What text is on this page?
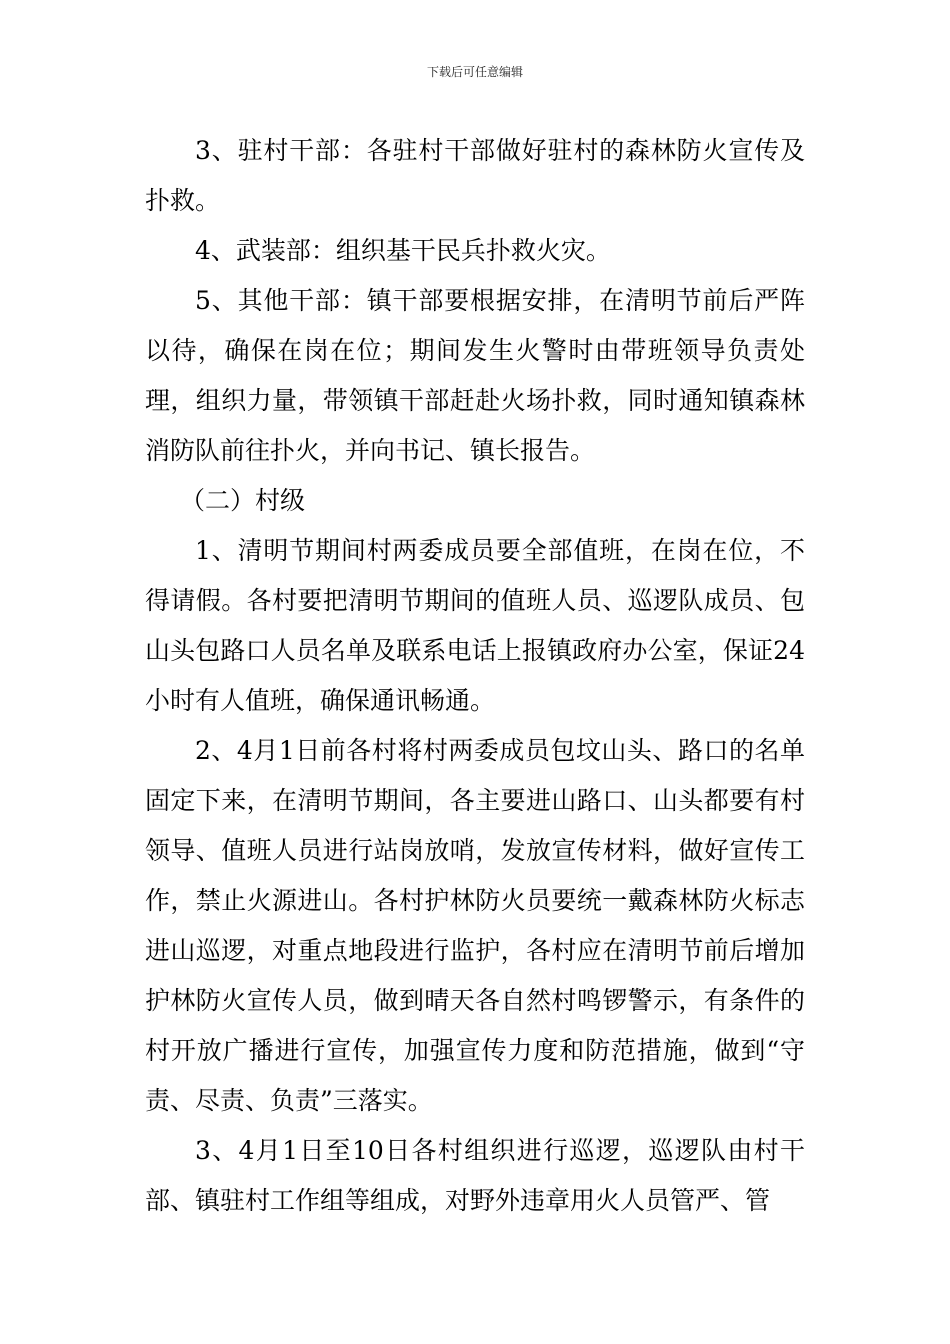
下载后可任意编辑

3、驻村干部：各驻村干部做好驻村的森林防火宣传及扑救。

4、武装部：组织基干民兵扑救火灾。

5、其他干部：镇干部要根据安排，在清明节前后严阵以待，确保在岗在位；期间发生火警时由带班领导负责处理，组织力量，带领镇干部赶赴火场扑救，同时通知镇森林消防队前往扑火，并向书记、镇长报告。

（二）村级

1、清明节期间村两委成员要全部值班，在岗在位，不得请假。各村要把清明节期间的值班人员、巡逻队成员、包山头包路口人员名单及联系电话上报镇政府办公室，保证24小时有人值班，确保通讯畅通。

2、4月1日前各村将村两委成员包坟山头、路口的名单固定下来，在清明节期间，各主要进山路口、山头都要有村领导、值班人员进行站岗放哨，发放宣传材料，做好宣传工作，禁止火源进山。各村护林防火员要统一戴森林防火标志进山巡逻，对重点地段进行监护，各村应在清明节前后增加护林防火宣传人员，做到晴天各自然村鸣锣警示，有条件的村开放广播进行宣传，加强宣传力度和防范措施，做到“守责、尽责、负责”三落实。

3、4月1日至10日各村组织进行巡逻，巡逻队由村干部、镇驻村工作组等组成，对野外违章用火人员管严、管
